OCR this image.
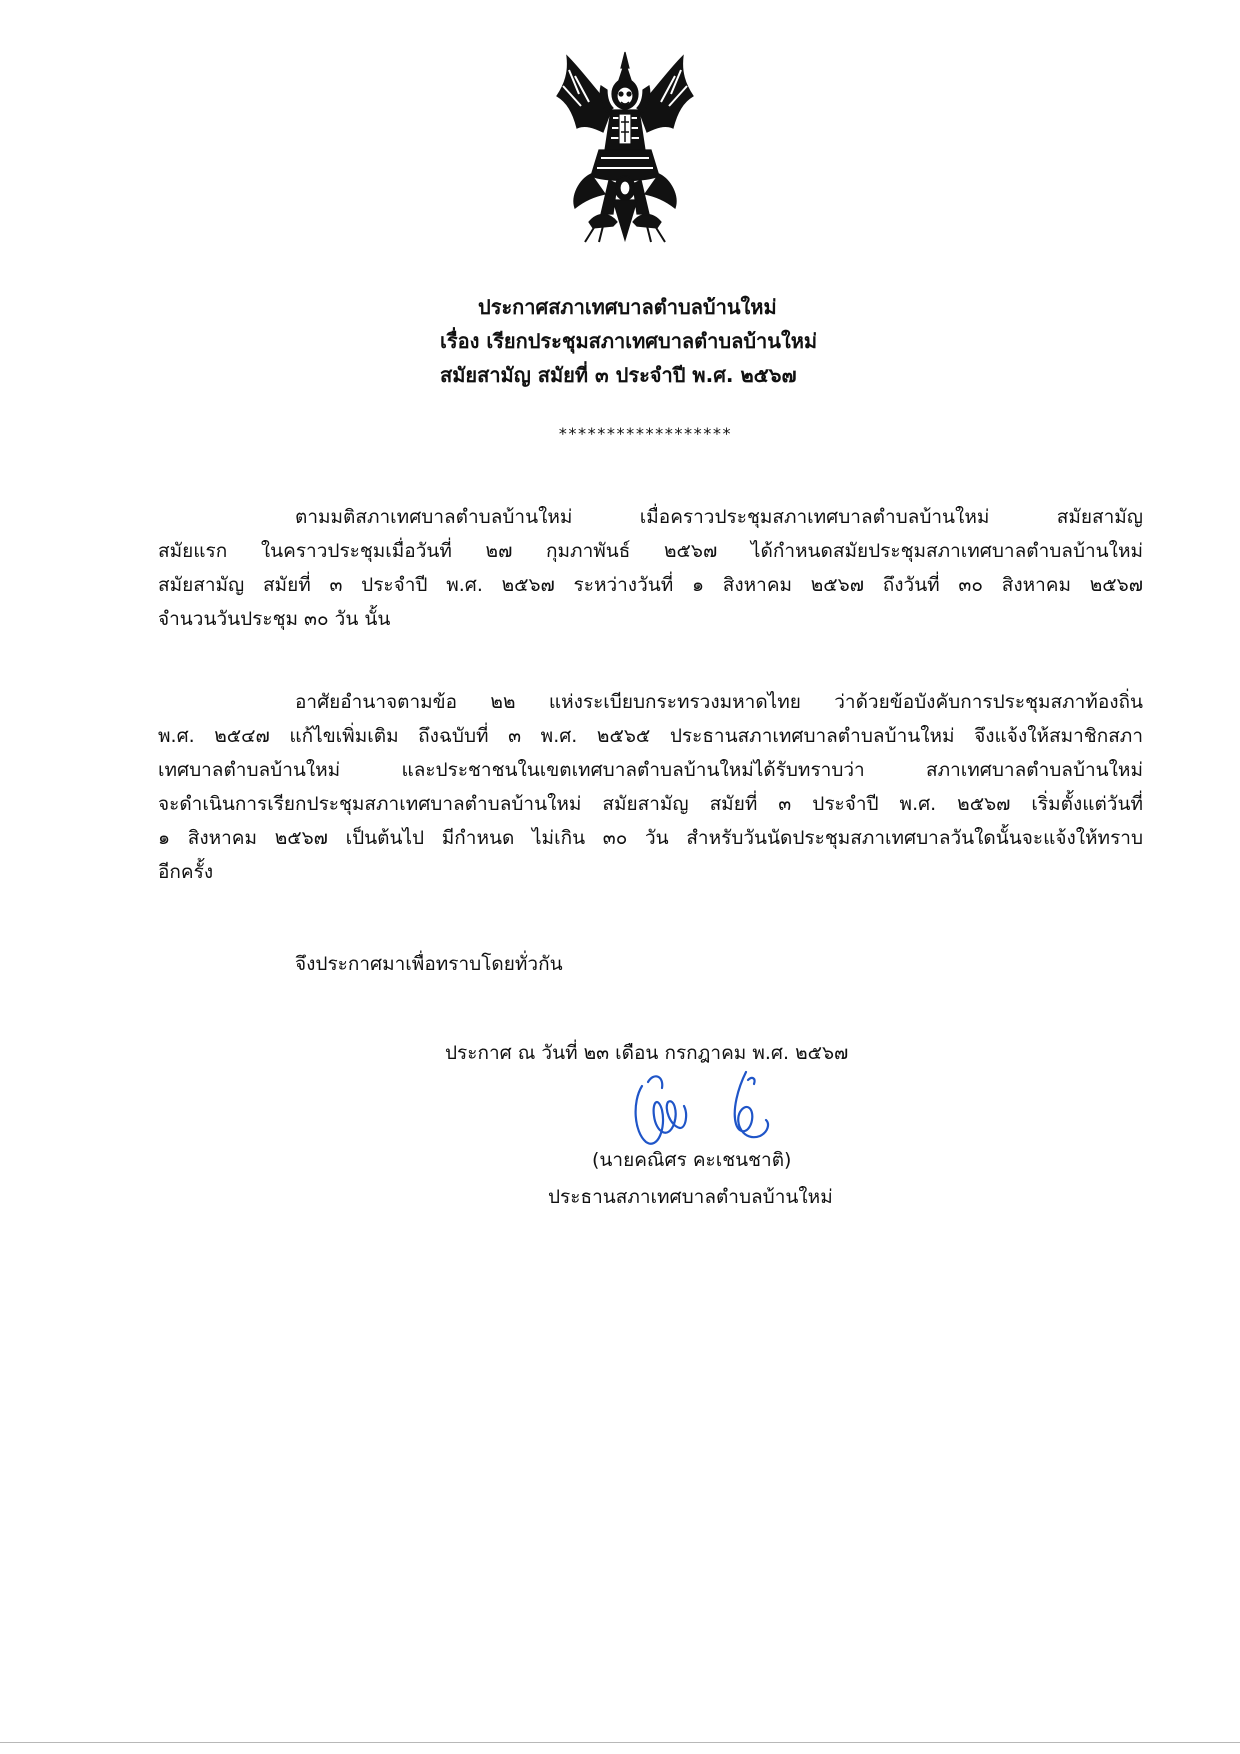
ประกาศสภาเทศบาลตำบลบ้านใหม่
เรื่อง เรียกประชุมสภาเทศบาลตำบลบ้านใหม่
สมัยสามัญ สมัยที่ ๓ ประจำปี พ.ศ. ๒๕๖๗
******************
ตามมติสภาเทศบาลตำบลบ้านใหม่ เมื่อคราวประชุมสภาเทศบาลตำบลบ้านใหม่ สมัยสามัญ
สมัยแรก ในคราวประชุมเมื่อวันที่ ๒๗ กุมภาพันธ์ ๒๕๖๗ ได้กำหนดสมัยประชุมสภาเทศบาลตำบลบ้านใหม่
สมัยสามัญ สมัยที่ ๓ ประจำปี พ.ศ. ๒๕๖๗ ระหว่างวันที่ ๑ สิงหาคม ๒๕๖๗ ถึงวันที่ ๓๐ สิงหาคม ๒๕๖๗
จำนวนวันประชุม ๓๐ วัน นั้น
อาศัยอำนาจตามข้อ ๒๒ แห่งระเบียบกระทรวงมหาดไทย ว่าด้วยข้อบังคับการประชุมสภาท้องถิ่น
พ.ศ. ๒๕๔๗ แก้ไขเพิ่มเติม ถึงฉบับที่ ๓ พ.ศ. ๒๕๖๕ ประธานสภาเทศบาลตำบลบ้านใหม่ จึงแจ้งให้สมาชิกสภา
เทศบาลตำบลบ้านใหม่ และประชาชนในเขตเทศบาลตำบลบ้านใหม่ได้รับทราบว่า สภาเทศบาลตำบลบ้านใหม่
จะดำเนินการเรียกประชุมสภาเทศบาลตำบลบ้านใหม่ สมัยสามัญ สมัยที่ ๓ ประจำปี พ.ศ. ๒๕๖๗ เริ่มตั้งแต่วันที่
๑ สิงหาคม ๒๕๖๗ เป็นต้นไป มีกำหนด ไม่เกิน ๓๐ วัน สำหรับวันนัดประชุมสภาเทศบาลวันใดนั้นจะแจ้งให้ทราบ
อีกครั้ง
จึงประกาศมาเพื่อทราบโดยทั่วกัน
ประกาศ ณ วันที่ ๒๓ เดือน กรกฎาคม พ.ศ. ๒๕๖๗
(นายคณิศร คะเชนชาติ)
ประธานสภาเทศบาลตำบลบ้านใหม่
